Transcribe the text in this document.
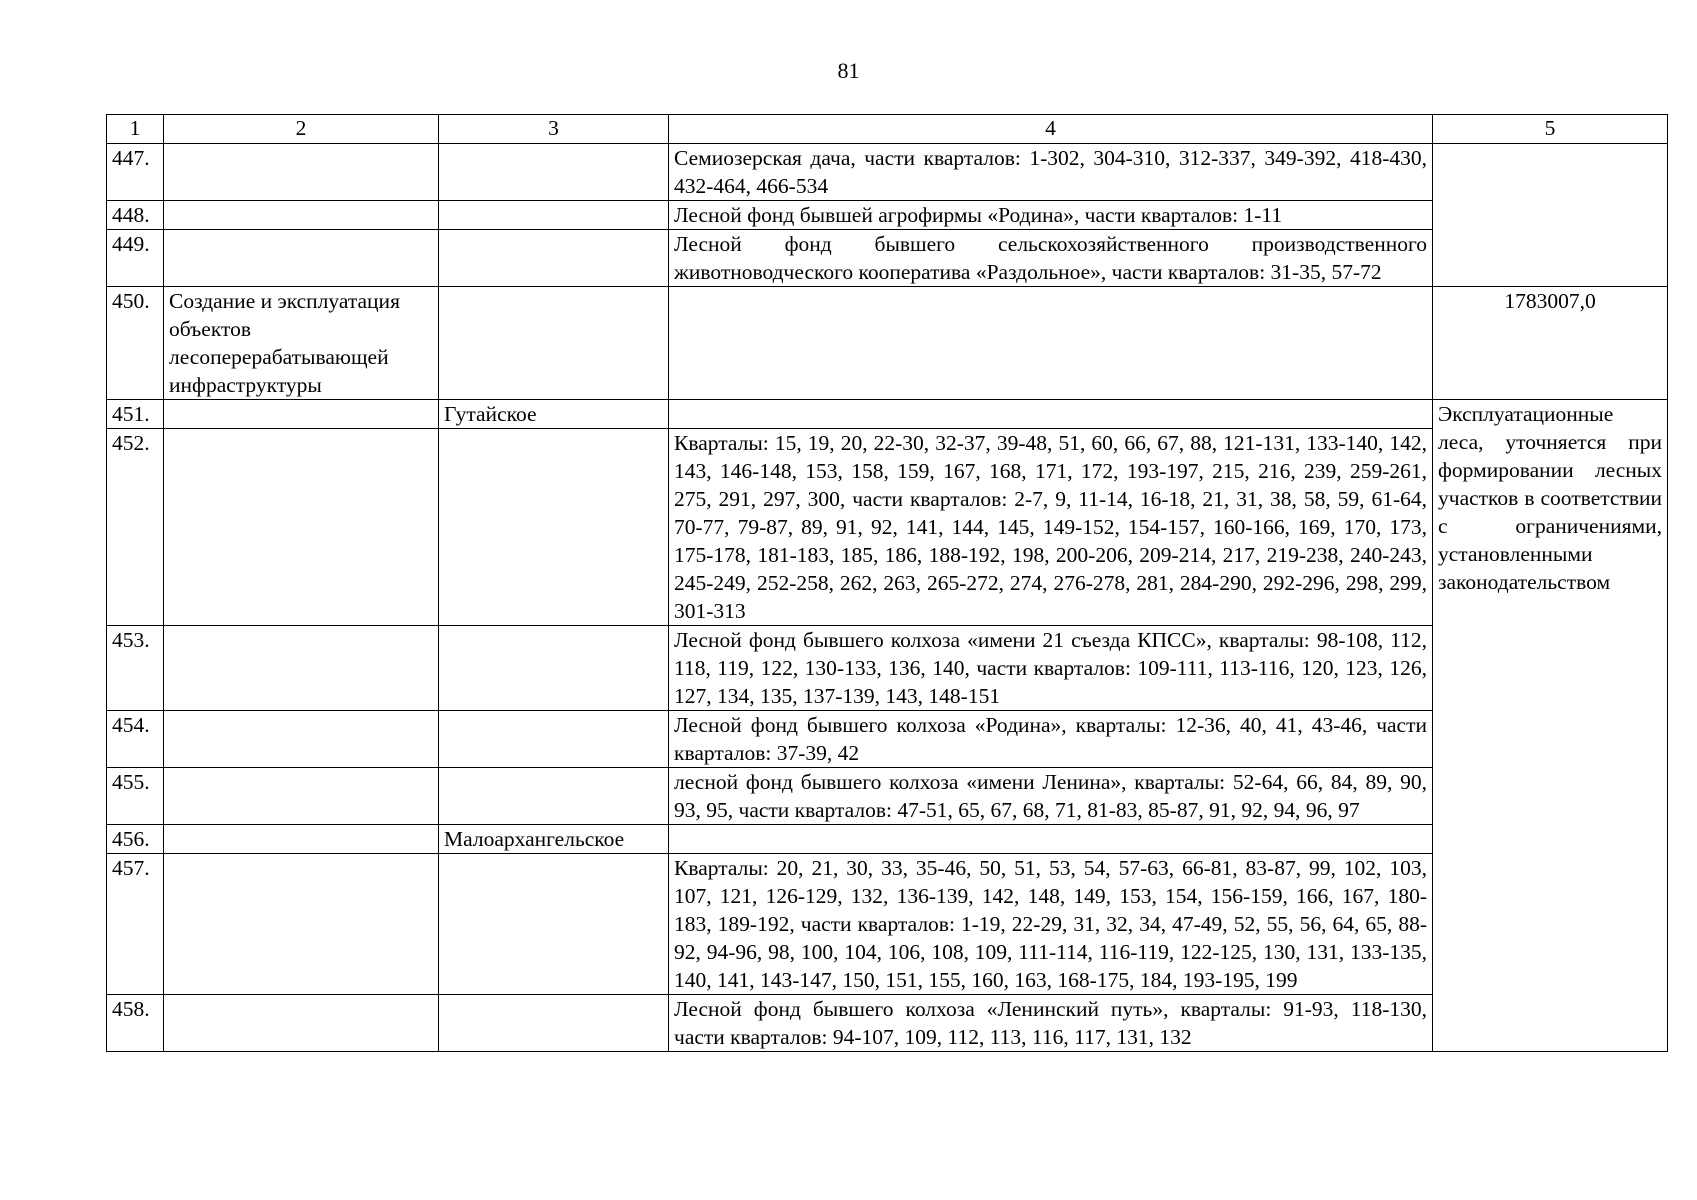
81
1	2	3	4	5
447.			Семиозерская дача, части кварталов: 1-302, 304-310, 312-337, 349-392, 418-430, 432-464, 466-534	
448.			Лесной фонд бывшей агрофирмы «Родина», части кварталов: 1-11	
449.			Лесной фонд бывшего сельскохозяйственного производственного животноводческого кооператива «Раздольное», части кварталов: 31-35, 57-72	
450.	Создание и эксплуатация объектов лесоперерабатывающей инфраструктуры			1783007,0
451.		Гутайское		Эксплуатационные леса, уточняется при формировании лесных участков в соответствии с ограничениями, установленными законодательством
452.			Кварталы: 15, 19, 20, 22-30, 32-37, 39-48, 51, 60, 66, 67, 88, 121-131, 133-140, 142, 143, 146-148, 153, 158, 159, 167, 168, 171, 172, 193-197, 215, 216, 239, 259-261, 275, 291, 297, 300, части кварталов: 2-7, 9, 11-14, 16-18, 21, 31, 38, 58, 59, 61-64, 70-77, 79-87, 89, 91, 92, 141, 144, 145, 149-152, 154-157, 160-166, 169, 170, 173, 175-178, 181-183, 185, 186, 188-192, 198, 200-206, 209-214, 217, 219-238, 240-243, 245-249, 252-258, 262, 263, 265-272, 274, 276-278, 281, 284-290, 292-296, 298, 299, 301-313	
453.			Лесной фонд бывшего колхоза «имени 21 съезда КПСС», кварталы: 98-108, 112, 118, 119, 122, 130-133, 136, 140, части кварталов: 109-111, 113-116, 120, 123, 126, 127, 134, 135, 137-139, 143, 148-151	
454.			Лесной фонд бывшего колхоза «Родина», кварталы: 12-36, 40, 41, 43-46, части кварталов: 37-39, 42	
455.			лесной фонд бывшего колхоза «имени Ленина», кварталы: 52-64, 66, 84, 89, 90, 93, 95, части кварталов: 47-51, 65, 67, 68, 71, 81-83, 85-87, 91, 92, 94, 96, 97	
456.		Малоархангельское		
457.			Кварталы: 20, 21, 30, 33, 35-46, 50, 51, 53, 54, 57-63, 66-81, 83-87, 99, 102, 103, 107, 121, 126-129, 132, 136-139, 142, 148, 149, 153, 154, 156-159, 166, 167, 180-183, 189-192, части кварталов: 1-19, 22-29, 31, 32, 34, 47-49, 52, 55, 56, 64, 65, 88-92, 94-96, 98, 100, 104, 106, 108, 109, 111-114, 116-119, 122-125, 130, 131, 133-135, 140, 141, 143-147, 150, 151, 155, 160, 163, 168-175, 184, 193-195, 199	
458.			Лесной фонд бывшего колхоза «Ленинский путь», кварталы: 91-93, 118-130, части кварталов: 94-107, 109, 112, 113, 116, 117, 131, 132	
